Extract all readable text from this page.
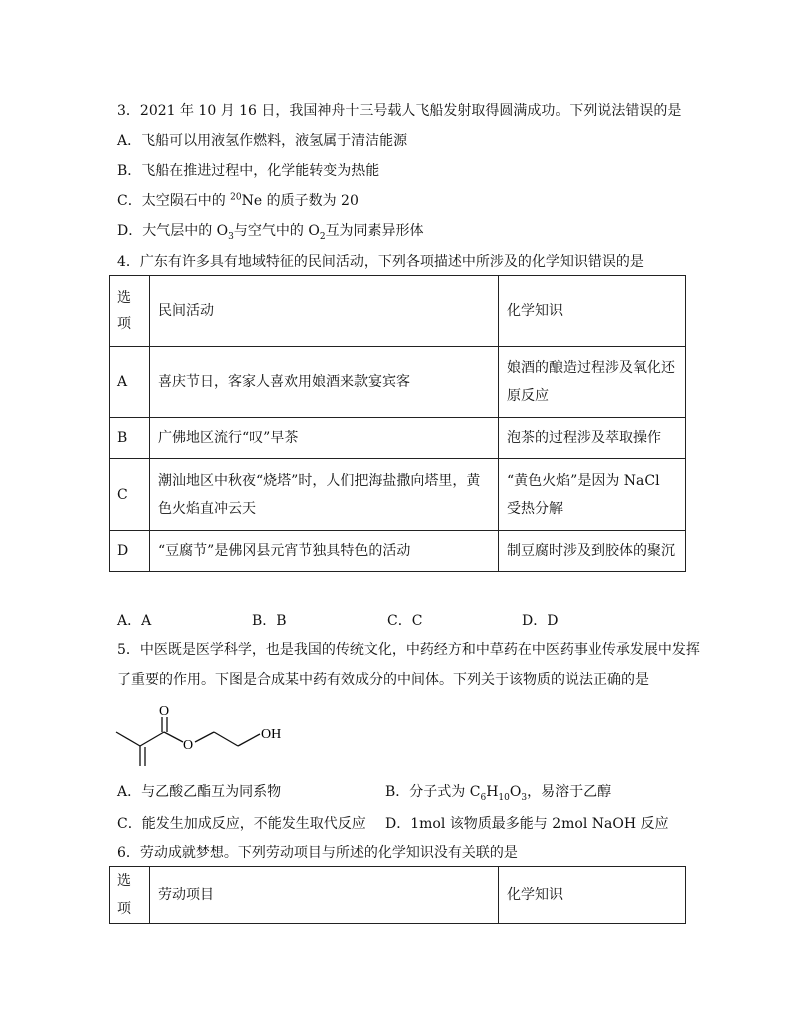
3．2021 年 10 月 16 日，我国神舟十三号载人飞船发射取得圆满成功。下列说法错误的是
A．飞船可以用液氢作燃料，液氢属于清洁能源
B．飞船在推进过程中，化学能转变为热能
C．太空陨石中的 $^{20}$Ne 的质子数为 20
D．大气层中的 $O_3$与空气中的 $O_2$互为同素异形体
4．广东有许多具有地域特征的民间活动，下列各项描述中所涉及的化学知识错误的是
选项	民间活动	化学知识
A	喜庆节日，客家人喜欢用娘酒来款宴宾客	娘酒的酿造过程涉及氧化还原反应
B	广佛地区流行“叹”早茶	泡茶的过程涉及萃取操作
C	潮汕地区中秋夜“烧塔”时，人们把海盐撒向塔里，黄色火焰直冲云天	“黄色火焰”是因为 NaCl 受热分解
D	“豆腐节”是佛冈县元宵节独具特色的活动	制豆腐时涉及到胶体的聚沉
A．A	B．B	C．C	D．D
5．中医既是医学科学，也是我国的传统文化，中药经方和中草药在中医药事业传承发展中发挥
了重要的作用。下图是合成某中药有效成分的中间体。下列关于该物质的说法正确的是
O
O
OH
A．与乙酸乙酯互为同系物	B．分子式为 $C_6H_{10}O_3$，易溶于乙醇
C．能发生加成反应，不能发生取代反应 D．1mol 该物质最多能与 2mol NaOH 反应
6．劳动成就梦想。下列劳动项目与所述的化学知识没有关联的是
选项	劳动项目	化学知识
